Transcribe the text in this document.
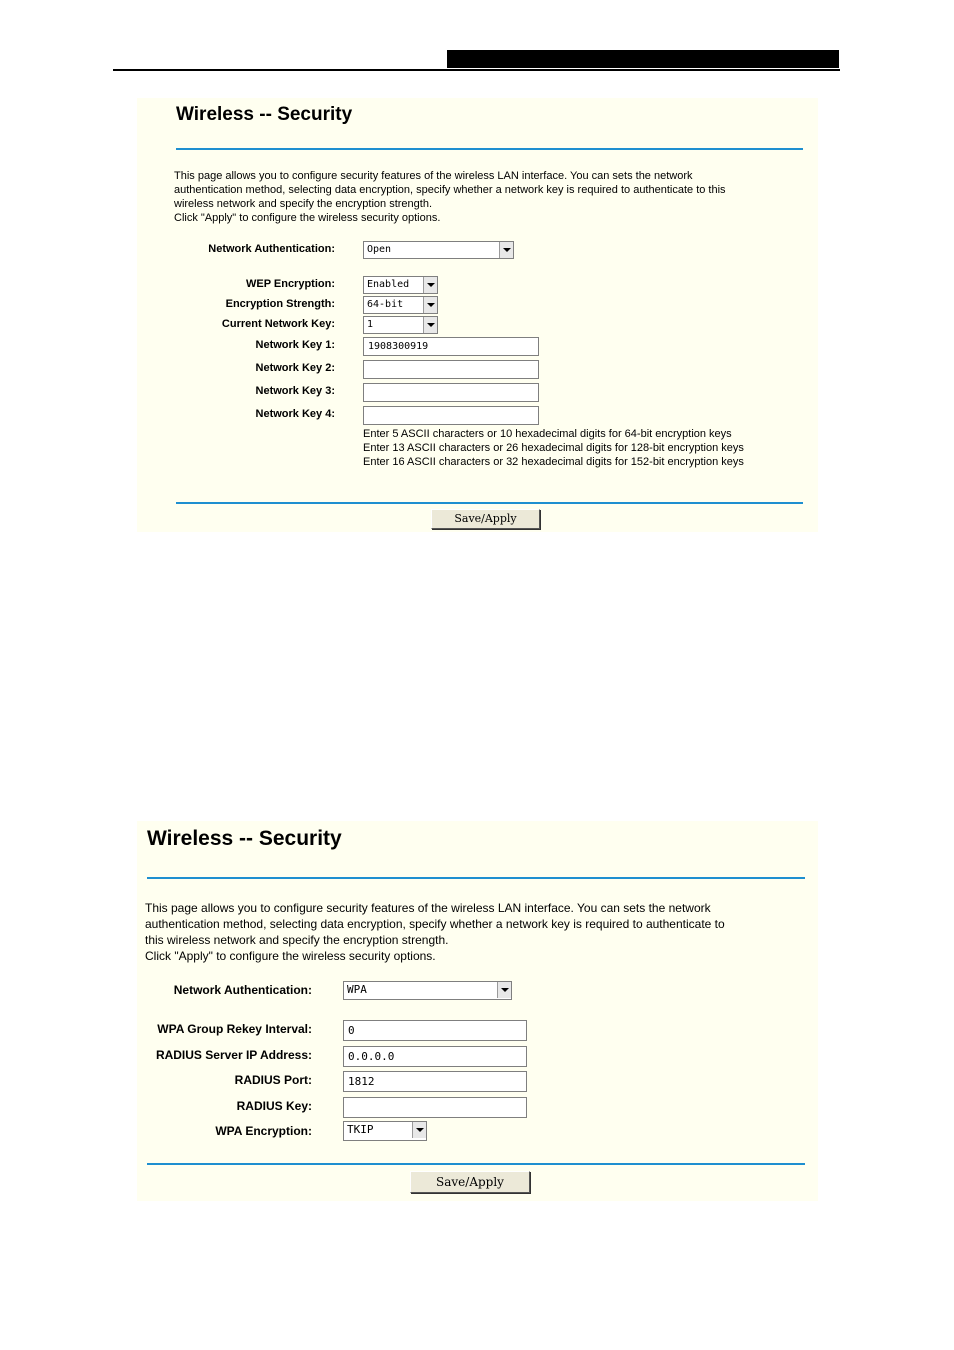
Wireless -- Security
This page allows you to configure security features of the wireless LAN interface. You can sets the network
authentication method, selecting data encryption, specify whether a network key is required to authenticate to this
wireless network and specify the encryption strength.
Click "Apply" to configure the wireless security options.
Network Authentication:	Open
WEP Encryption:	Enabled
Encryption Strength:	64-bit
Current Network Key:	1
Network Key 1:	1908300919
Network Key 2:
Network Key 3:
Network Key 4:
Enter 5 ASCII characters or 10 hexadecimal digits for 64-bit encryption keys
Enter 13 ASCII characters or 26 hexadecimal digits for 128-bit encryption keys
Enter 16 ASCII characters or 32 hexadecimal digits for 152-bit encryption keys
Save/Apply
Wireless -- Security
This page allows you to configure security features of the wireless LAN interface. You can sets the network
authentication method, selecting data encryption, specify whether a network key is required to authenticate to
this wireless network and specify the encryption strength.
Click "Apply" to configure the wireless security options.
Network Authentication:	WPA
WPA Group Rekey Interval:	0
RADIUS Server IP Address:	0.0.0.0
RADIUS Port:	1812
RADIUS Key:
WPA Encryption:	TKIP
Save/Apply
